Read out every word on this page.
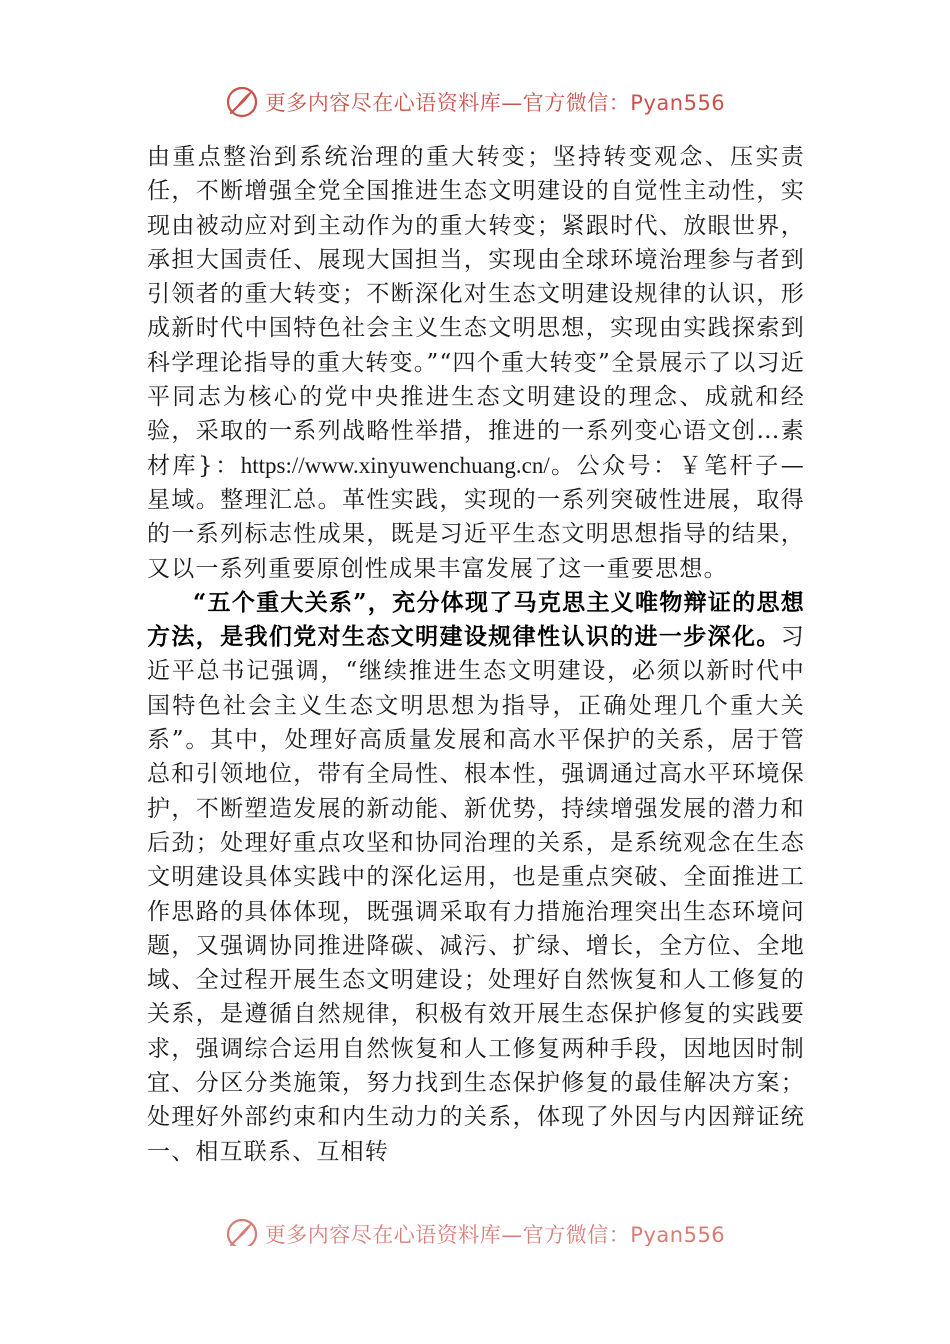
更多内容尽在心语资料库—官方微信：Pyan556

由重点整治到系统治理的重大转变；坚持转变观念、压实责任，不断增强全党全国推进生态文明建设的自觉性主动性，实现由被动应对到主动作为的重大转变；紧跟时代、放眼世界，承担大国责任、展现大国担当，实现由全球环境治理参与者到引领者的重大转变；不断深化对生态文明建设规律的认识，形成新时代中国特色社会主义生态文明思想，实现由实践探索到科学理论指导的重大转变。”“四个重大转变”全景展示了以习近平同志为核心的党中央推进生态文明建设的理念、成就和经验，采取的一系列战略性举措，推进的一系列变心语文创…素材库}：https://www.xinyuwenchuang.cn/。公众号：￥笔杆子—星域。整理汇总。革性实践，实现的一系列突破性进展，取得的一系列标志性成果，既是习近平生态文明思想指导的结果，又以一系列重要原创性成果丰富发展了这一重要思想。

“五个重大关系”，充分体现了马克思主义唯物辩证的思想方法，是我们党对生态文明建设规律性认识的进一步深化。习近平总书记强调，“继续推进生态文明建设，必须以新时代中国特色社会主义生态文明思想为指导，正确处理几个重大关系”。其中，处理好高质量发展和高水平保护的关系，居于管总和引领地位，带有全局性、根本性，强调通过高水平环境保护，不断塑造发展的新动能、新优势，持续增强发展的潜力和后劲；处理好重点攻坚和协同治理的关系，是系统观念在生态文明建设具体实践中的深化运用，也是重点突破、全面推进工作思路的具体体现，既强调采取有力措施治理突出生态环境问题，又强调协同推进降碳、减污、扩绿、增长，全方位、全地域、全过程开展生态文明建设；处理好自然恢复和人工修复的关系，是遵循自然规律，积极有效开展生态保护修复的实践要求，强调综合运用自然恢复和人工修复两种手段，因地因时制宜、分区分类施策，努力找到生态保护修复的最佳解决方案；处理好外部约束和内生动力的关系，体现了外因与内因辩证统一、相互联系、互相转

更多内容尽在心语资料库—官方微信：Pyan556
